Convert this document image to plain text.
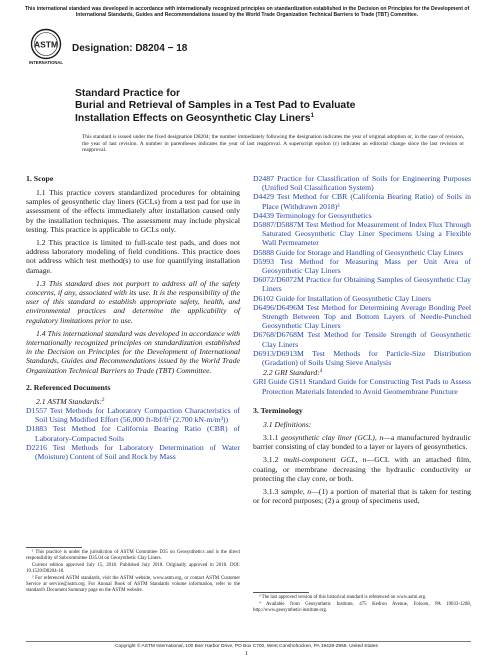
This international standard was developed in accordance with internationally recognized principles on standardization established in the Decision on Principles for the Development of International Standards, Guides and Recommendations issued by the World Trade Organization Technical Barriers to Trade (TBT) Committee.
ASTM
INTERNATIONAL
Designation: D8204 − 18
Standard Practice for
Burial and Retrieval of Samples in a Test Pad to Evaluate
Installation Effects on Geosynthetic Clay Liners$^1$
This standard is issued under the fixed designation D8204; the number immediately following the designation indicates the year of original adoption or, in the case of revision, the year of last revision. A number in parentheses indicates the year of last reapproval. A superscript epsilon (ε) indicates an editorial change since the last revision or reapproval.
1. Scope

1.1 This practice covers standardized procedures for obtaining samples of geosynthetic clay liners (GCLs) from a test pad for use in assessment of the effects immediately after installation caused only by the installation techniques. The assessment may include physical testing. This practice is applicable to GCLs only.

1.2 This practice is limited to full-scale test pads, and does not address laboratory modeling of field conditions. This practice does not address which test method(s) to use for quantifying installation damage.

1.3 This standard does not purport to address all of the safety concerns, if any, associated with its use. It is the responsibility of the user of this standard to establish appropriate safety, health, and environmental practices and determine the applicability of regulatory limitations prior to use.

1.4 This international standard was developed in accordance with internationally recognized principles on standardization established in the Decision on Principles for the Development of International Standards, Guides and Recommendations issued by the World Trade Organization Technical Barriers to Trade (TBT) Committee.

2. Referenced Documents

2.1 ASTM Standards:$^2$

D1557 Test Methods for Laboratory Compaction Characteristics of Soil Using Modified Effort (56,000 ft-lbf/ft³ (2,700 kN-m/m³))
D1883 Test Method for California Bearing Ratio (CBR) of Laboratory-Compacted Soils
D2216 Test Methods for Laboratory Determination of Water (Moisture) Content of Soil and Rock by Mass
D2487 Practice for Classification of Soils for Engineering Purposes (Unified Soil Classification System)
D4429 Test Method for CBR (California Bearing Ratio) of Soils in Place (Withdrawn 2018)³
D4439 Terminology for Geosynthetics
D5887/D5887M Test Method for Measurement of Index Flux Through Saturated Geosynthetic Clay Liner Specimens Using a Flexible Wall Permeameter
D5888 Guide for Storage and Handling of Geosynthetic Clay Liners
D5993 Test Method for Measuring Mass per Unit Area of Geosynthetic Clay Liners
D6072/D6072M Practice for Obtaining Samples of Geosynthetic Clay Liners
D6102 Guide for Installation of Geosynthetic Clay Liners
D6496/D6496M Test Method for Determining Average Bonding Peel Strength Between Top and Bottom Layers of Needle-Punched Geosynthetic Clay Liners
D6768/D6768M Test Method for Tensile Strength of Geosynthetic Clay Liners
D6913/D6913M Test Methods for Particle-Size Distribution (Gradation) of Soils Using Sieve Analysis

2.2 GRI Standard:$^4$

GRI Guide GS11 Standard Guide for Constructing Test Pads to Assess Protection Materials Intended to Avoid Geomembrane Puncture
3. Terminology

3.1 Definitions:

3.1.1 geosynthetic clay liner (GCL), n—a manufactured hydraulic barrier consisting of clay bonded to a layer or layers of geosynthetics.

3.1.2 multi-component GCL, n—GCL with an attached film, coating, or membrane decreasing the hydraulic conductivity or protecting the clay core, or both.

3.1.3 sample, n—(1) a portion of material that is taken for testing or for record purposes; (2) a group of specimens used,

¹ This practice is under the jurisdiction of ASTM Committee D35 on Geosynthetics and is the direct responsibility of Subcommittee D35.04 on Geosynthetic Clay Liners.

Current edition approved July 15, 2018. Published July 2018. Originally approved in 2018. DOI: 10.1520/D8204-18.

² For referenced ASTM standards, visit the ASTM website, www.astm.org, or contact ASTM Customer Service at service@astm.org. For Annual Book of ASTM Standards volume information, refer to the standard's Document Summary page on the ASTM website.

³ The last approved version of this historical standard is referenced on www.astm.org.

⁴ Available from Geosynthetic Institute, 475 Kedron Avenue, Folsom, PA 19033-1208, http://www.geosynthetic-institute.org.

Copyright © ASTM International, 100 Barr Harbor Drive, PO Box C700, West Conshohocken, PA 19428-2959. United States
1
